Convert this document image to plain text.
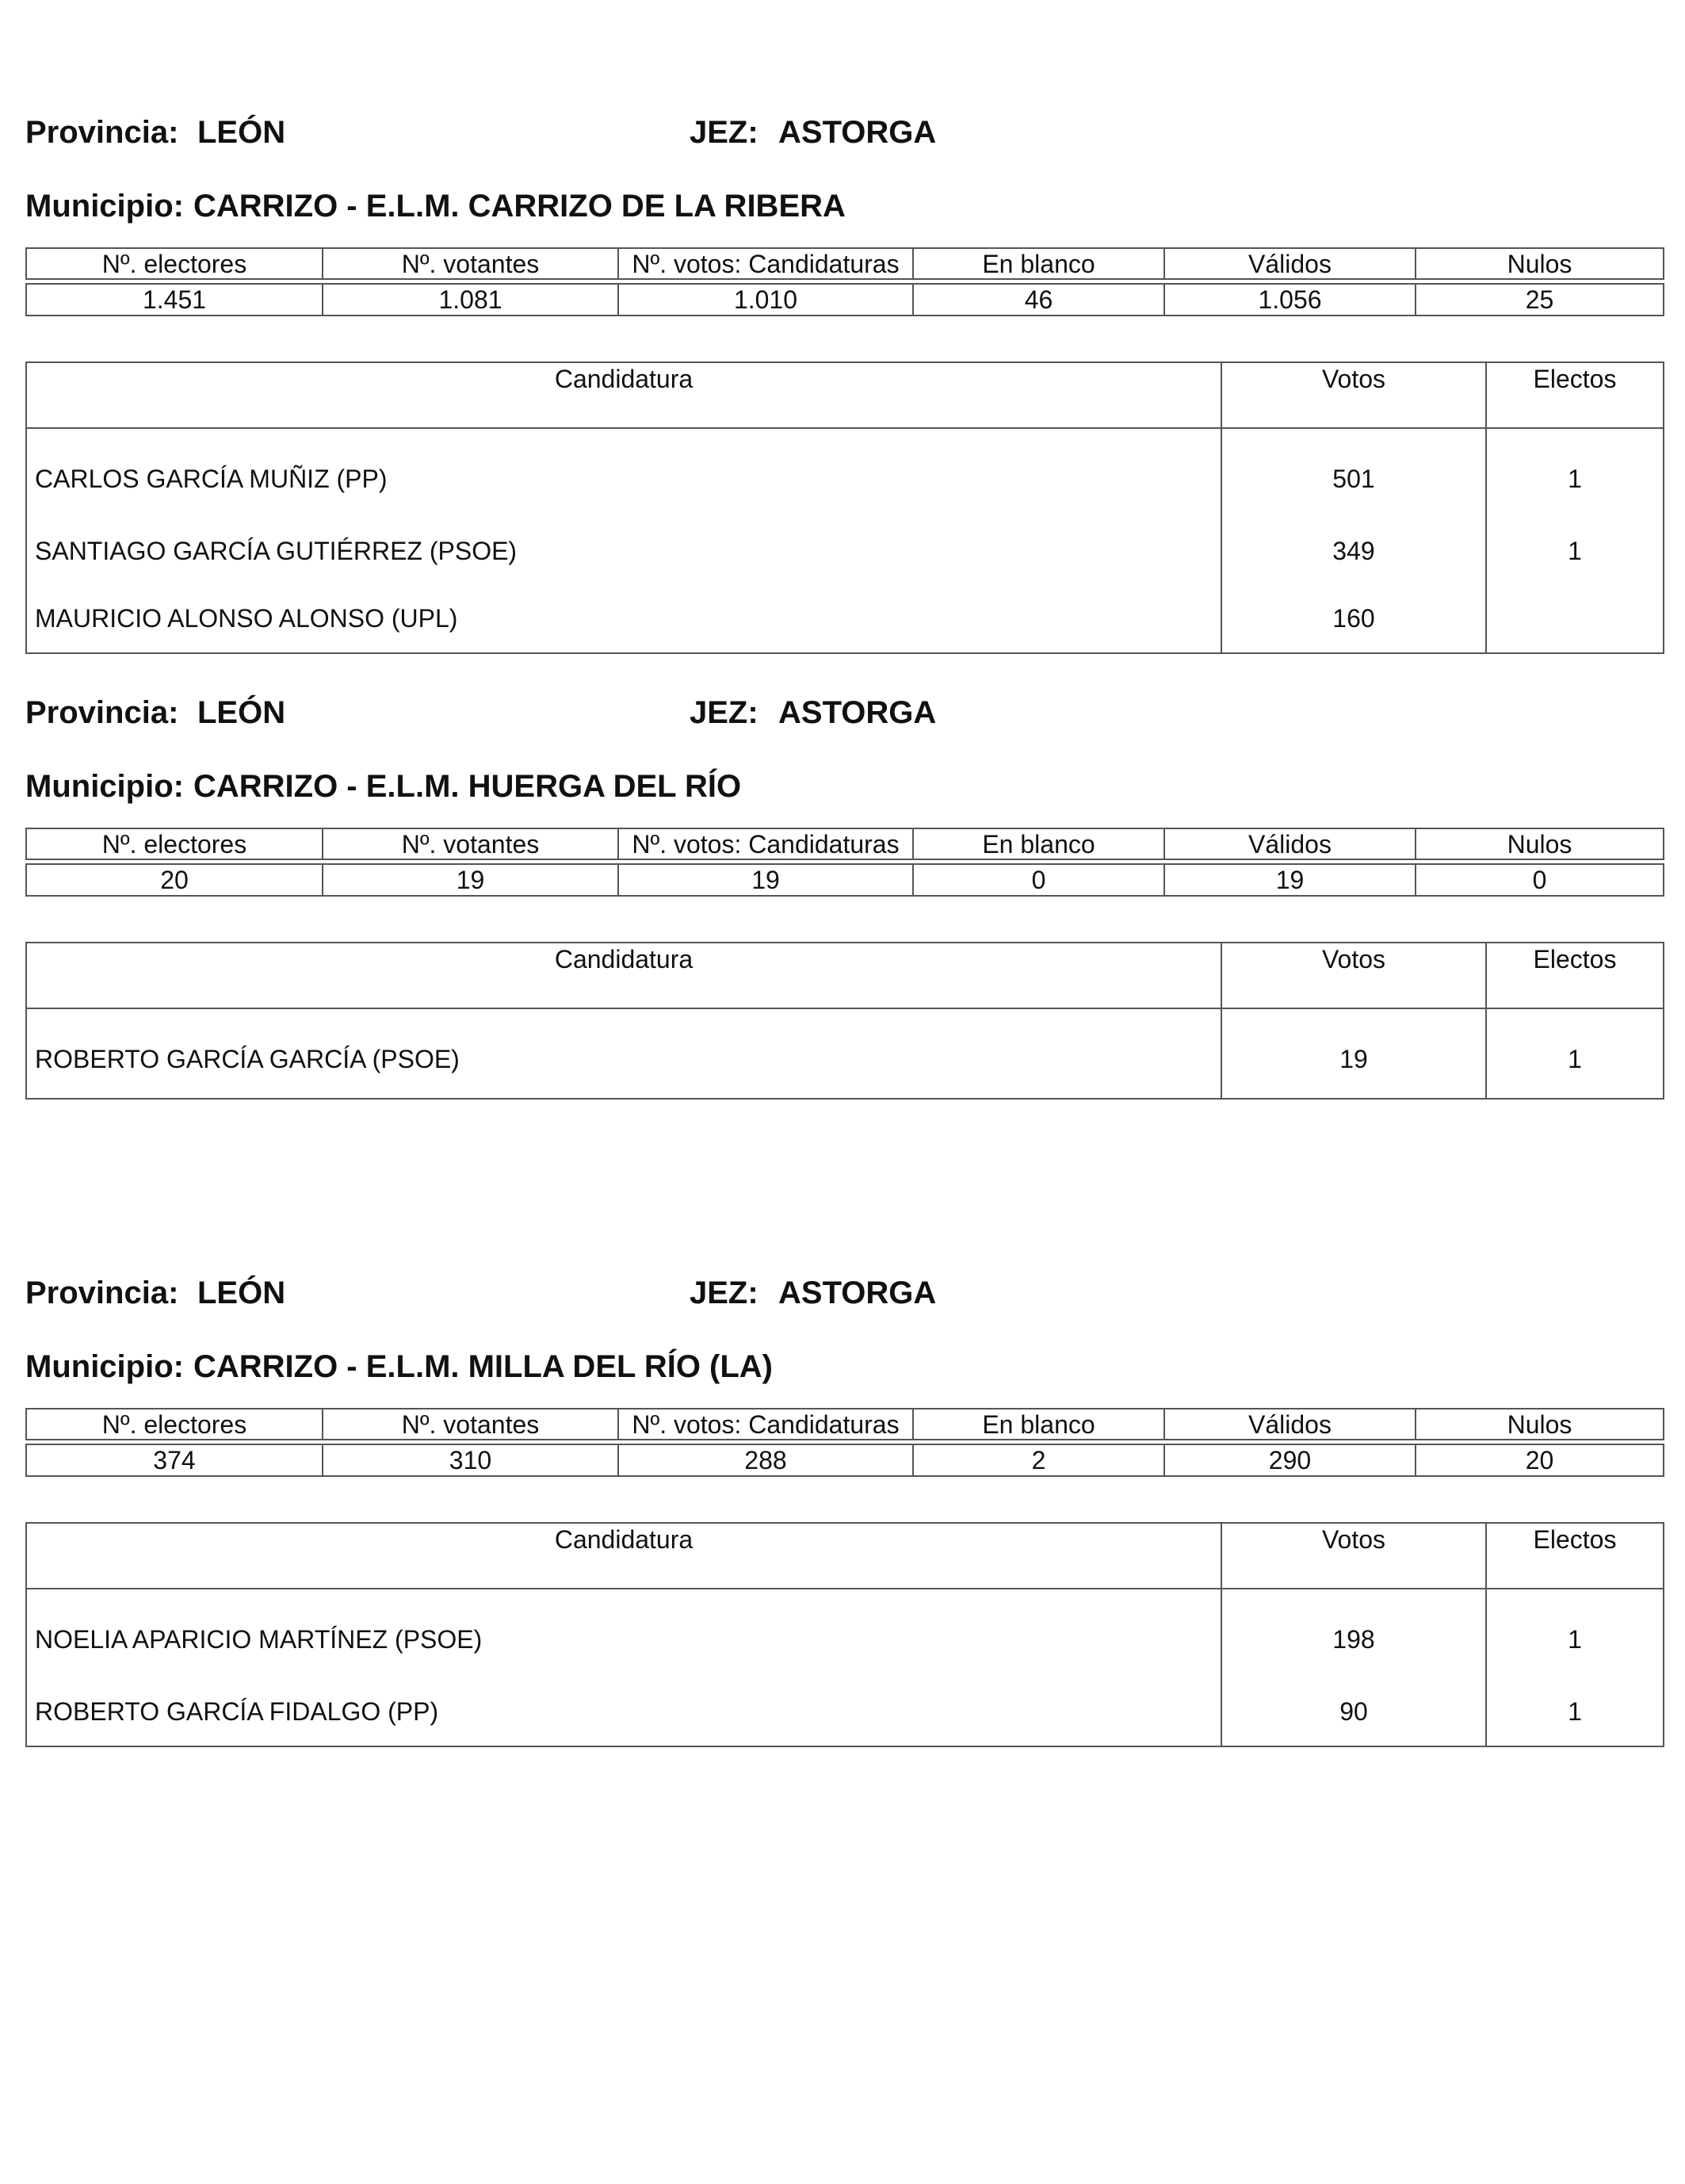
Provincia: LEÓN	JEZ: ASTORGA
Municipio: CARRIZO - E.L.M. CARRIZO DE LA RIBERA
Nº. electores	Nº. votantes	Nº. votos: Candidaturas	En blanco	Válidos	Nulos

1.451	1.081	1.010	46	1.056	25
Candidatura	Votos	Electos
CARLOS GARCÍA MUÑIZ (PP)	501	1
SANTIAGO GARCÍA GUTIÉRREZ (PSOE)	349	1
MAURICIO ALONSO ALONSO (UPL)	160	
Provincia: LEÓN	JEZ: ASTORGA
Municipio: CARRIZO - E.L.M. HUERGA DEL RÍO
Nº. electores	Nº. votantes	Nº. votos: Candidaturas	En blanco	Válidos	Nulos

20	19	19	0	19	0
Candidatura	Votos	Electos
ROBERTO GARCÍA GARCÍA (PSOE)	19	1
Provincia: LEÓN	JEZ: ASTORGA
Municipio: CARRIZO - E.L.M. MILLA DEL RÍO (LA)
Nº. electores	Nº. votantes	Nº. votos: Candidaturas	En blanco	Válidos	Nulos

374	310	288	2	290	20
Candidatura	Votos	Electos
NOELIA APARICIO MARTÍNEZ (PSOE)	198	1
ROBERTO GARCÍA FIDALGO (PP)	90	1
